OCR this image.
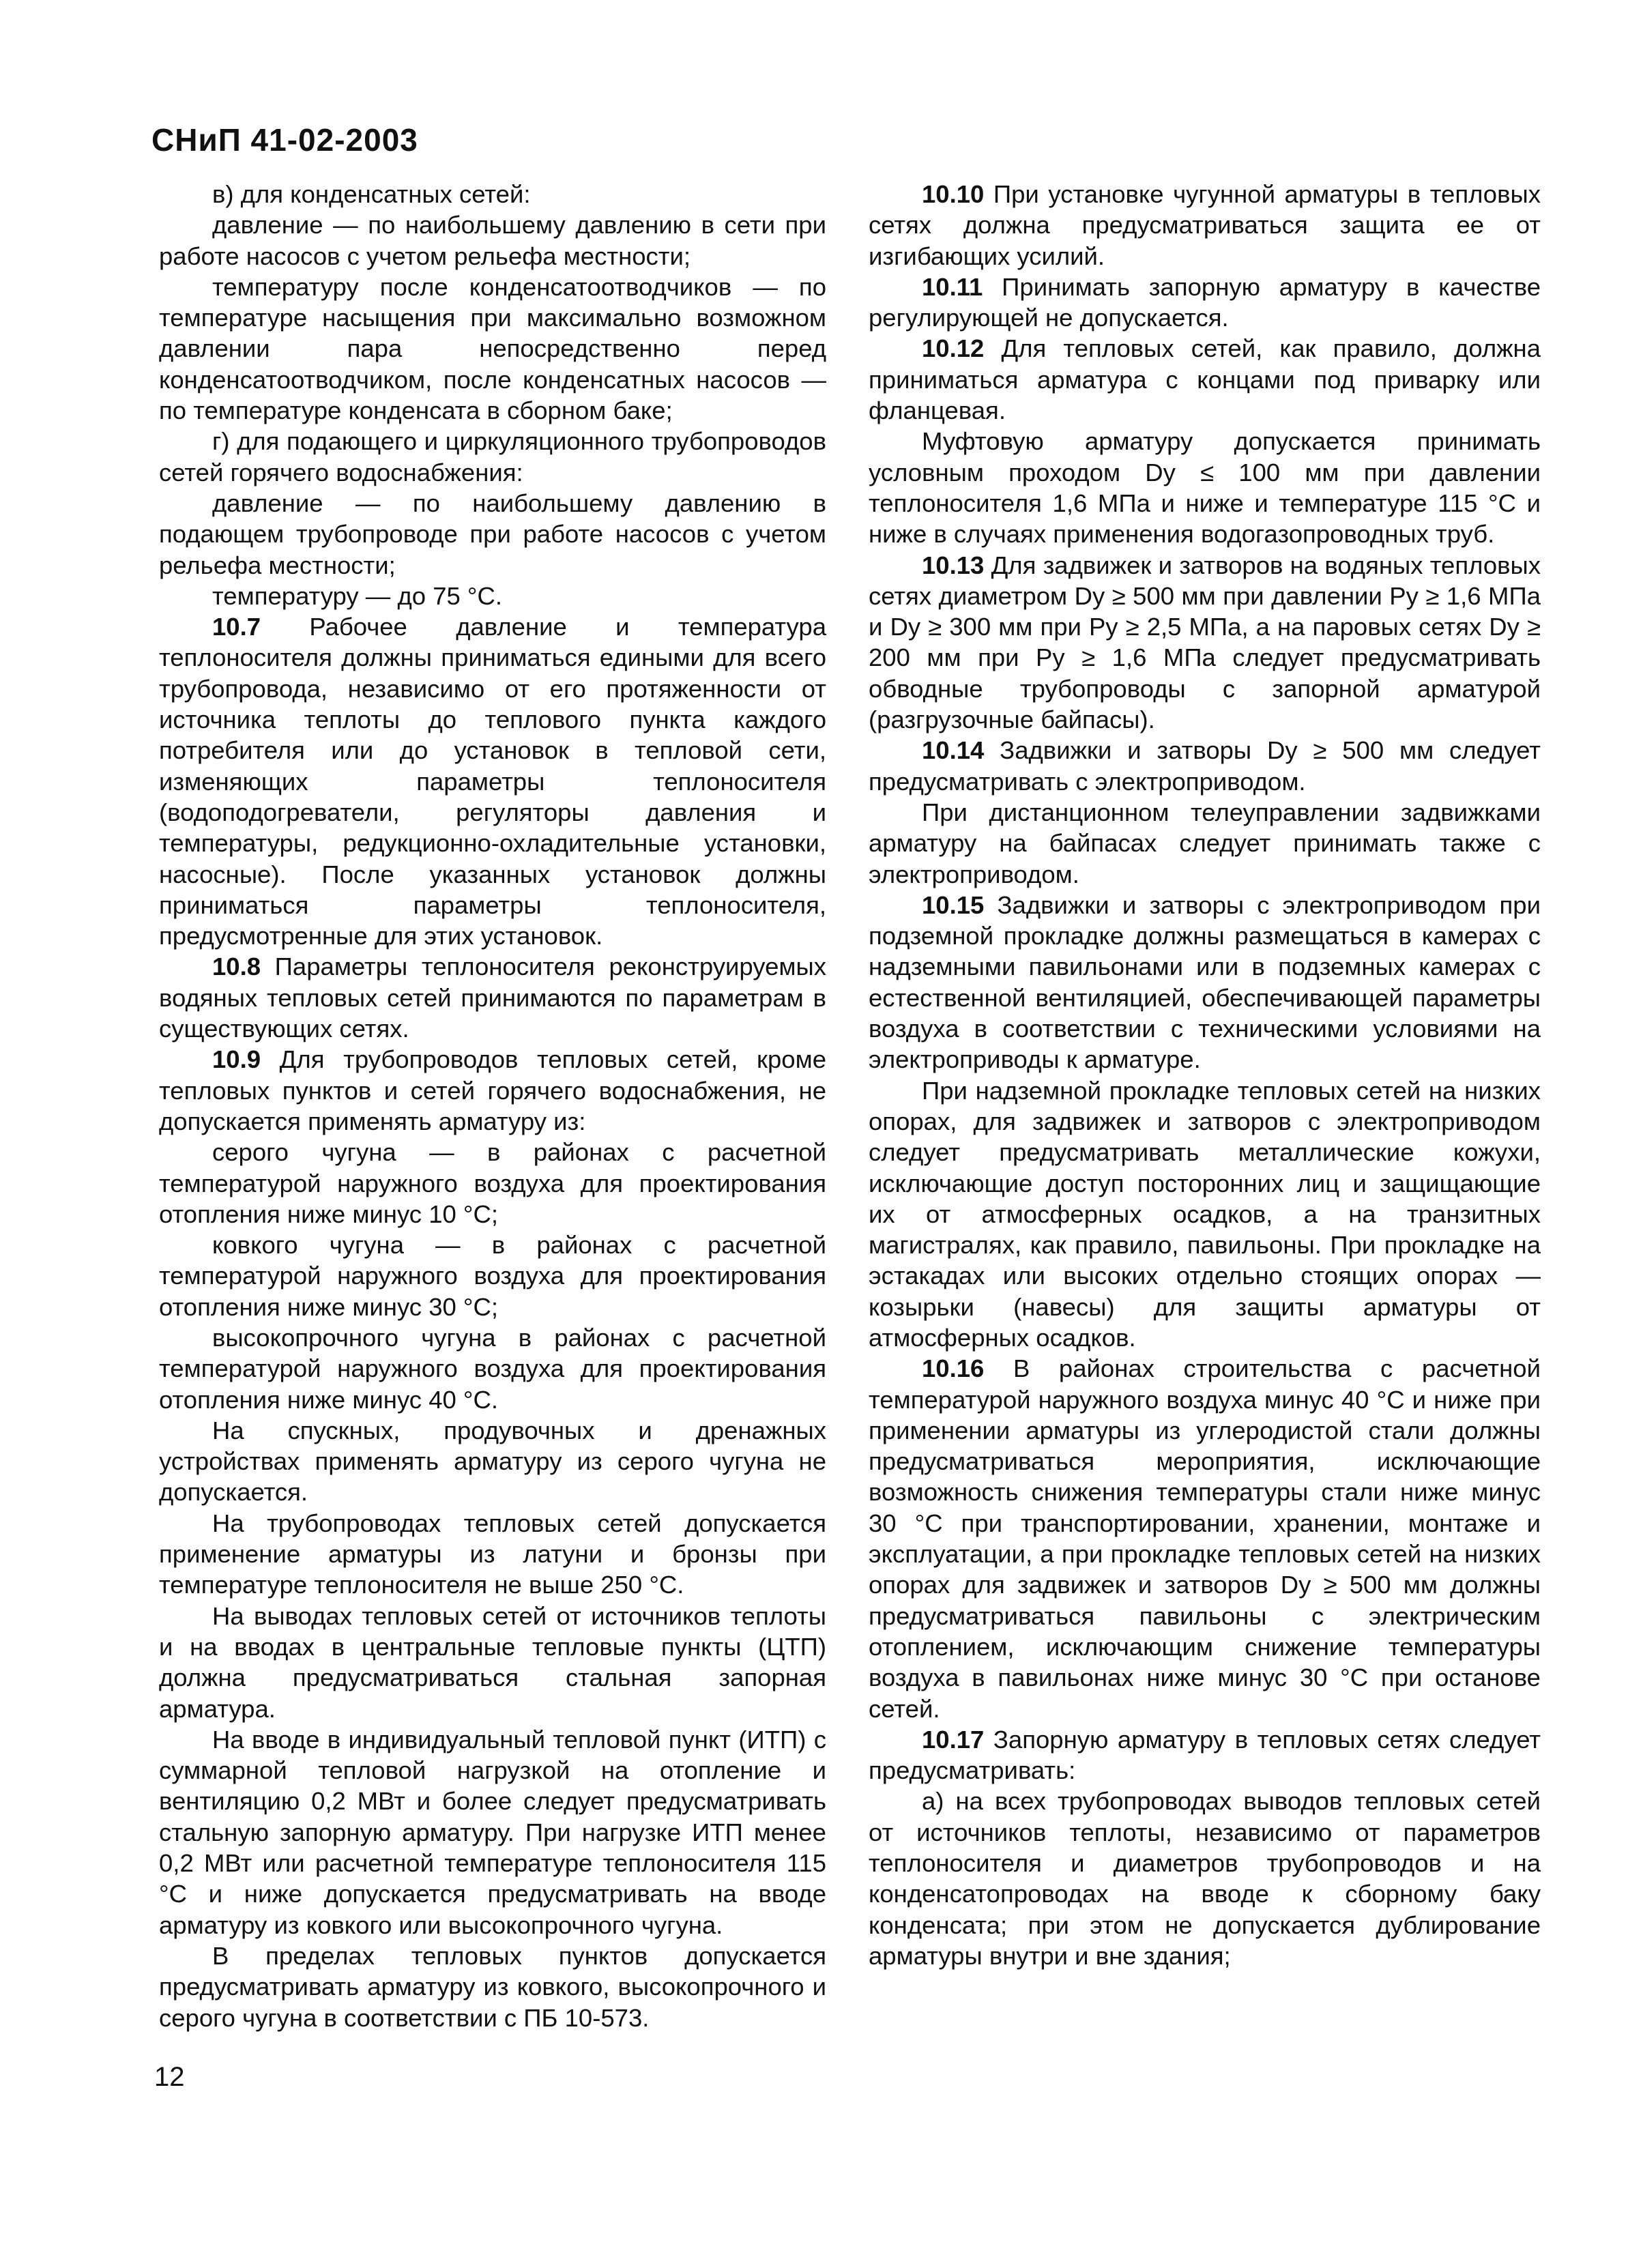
СНиП 41-02-2003

в) для конденсатных сетей:

давление — по наибольшему давлению в сети при работе насосов с учетом рельефа местности;

температуру после конденсатоотводчиков — по температуре насыщения при максимально возможном давлении пара непосредственно перед конденсатоотводчиком, после конденсатных насосов — по температуре конденсата в сборном баке;

г) для подающего и циркуляционного трубопроводов сетей горячего водоснабжения:

давление — по наибольшему давлению в подающем трубопроводе при работе насосов с учетом рельефа местности;

температуру — до 75 °С.

10.7 Рабочее давление и температура теплоносителя должны приниматься едиными для всего трубопровода, независимо от его протяженности от источника теплоты до теплового пункта каждого потребителя или до установок в тепловой сети, изменяющих параметры теплоносителя (водоподогреватели, регуляторы давления и температуры, редукционно-охладительные установки, насосные). После указанных установок должны приниматься параметры теплоносителя, предусмотренные для этих установок.

10.8 Параметры теплоносителя реконструируемых водяных тепловых сетей принимаются по параметрам в существующих сетях.

10.9 Для трубопроводов тепловых сетей, кроме тепловых пунктов и сетей горячего водоснабжения, не допускается применять арматуру из:

серого чугуна — в районах с расчетной температурой наружного воздуха для проектирования отопления ниже минус 10 °С;

ковкого чугуна — в районах с расчетной температурой наружного воздуха для проектирования отопления ниже минус 30 °С;

высокопрочного чугуна в районах с расчетной температурой наружного воздуха для проектирования отопления ниже минус 40 °С.

На спускных, продувочных и дренажных устройствах применять арматуру из серого чугуна не допускается.

На трубопроводах тепловых сетей допускается применение арматуры из латуни и бронзы при температуре теплоносителя не выше 250 °С.

На выводах тепловых сетей от источников теплоты и на вводах в центральные тепловые пункты (ЦТП) должна предусматриваться стальная запорная арматура.

На вводе в индивидуальный тепловой пункт (ИТП) с суммарной тепловой нагрузкой на отопление и вентиляцию 0,2 МВт и более следует предусматривать стальную запорную арматуру. При нагрузке ИТП менее 0,2 МВт или расчетной температуре теплоносителя 115 °С и ниже допускается предусматривать на вводе арматуру из ковкого или высокопрочного чугуна.

В пределах тепловых пунктов допускается предусматривать арматуру из ковкого, высокопрочного и серого чугуна в соответствии с ПБ 10-573.

10.10 При установке чугунной арматуры в тепловых сетях должна предусматриваться защита ее от изгибающих усилий.

10.11 Принимать запорную арматуру в качестве регулирующей не допускается.

10.12 Для тепловых сетей, как правило, должна приниматься арматура с концами под приварку или фланцевая.

Муфтовую арматуру допускается принимать условным проходом Dу ≤ 100 мм при давлении теплоносителя 1,6 МПа и ниже и температуре 115 °С и ниже в случаях применения водогазопроводных труб.

10.13 Для задвижек и затворов на водяных тепловых сетях диаметром Dу ≥ 500 мм при давлении Pу ≥ 1,6 МПа и Dу ≥ 300 мм при Pу ≥ 2,5 МПа, а на паровых сетях Dу ≥ 200 мм при Pу ≥ 1,6 МПа следует предусматривать обводные трубопроводы с запорной арматурой (разгрузочные байпасы).

10.14 Задвижки и затворы Dу ≥ 500 мм следует предусматривать с электроприводом.

При дистанционном телеуправлении задвижками арматуру на байпасах следует принимать также с электроприводом.

10.15 Задвижки и затворы с электроприводом при подземной прокладке должны размещаться в камерах с надземными павильонами или в подземных камерах с естественной вентиляцией, обеспечивающей параметры воздуха в соответствии с техническими условиями на электроприводы к арматуре.

При надземной прокладке тепловых сетей на низких опорах, для задвижек и затворов с электроприводом следует предусматривать металлические кожухи, исключающие доступ посторонних лиц и защищающие их от атмосферных осадков, а на транзитных магистралях, как правило, павильоны. При прокладке на эстакадах или высоких отдельно стоящих опорах — козырьки (навесы) для защиты арматуры от атмосферных осадков.

10.16 В районах строительства с расчетной температурой наружного воздуха минус 40 °С и ниже при применении арматуры из углеродистой стали должны предусматриваться мероприятия, исключающие возможность снижения температуры стали ниже минус 30 °С при транспортировании, хранении, монтаже и эксплуатации, а при прокладке тепловых сетей на низких опорах для задвижек и затворов Dу ≥ 500 мм должны предусматриваться павильоны с электрическим отоплением, исключающим снижение температуры воздуха в павильонах ниже минус 30 °С при останове сетей.

10.17 Запорную арматуру в тепловых сетях следует предусматривать:

а) на всех трубопроводах выводов тепловых сетей от источников теплоты, независимо от параметров теплоносителя и диаметров трубопроводов и на конденсатопроводах на вводе к сборному баку конденсата; при этом не допускается дублирование арматуры внутри и вне здания;

12
